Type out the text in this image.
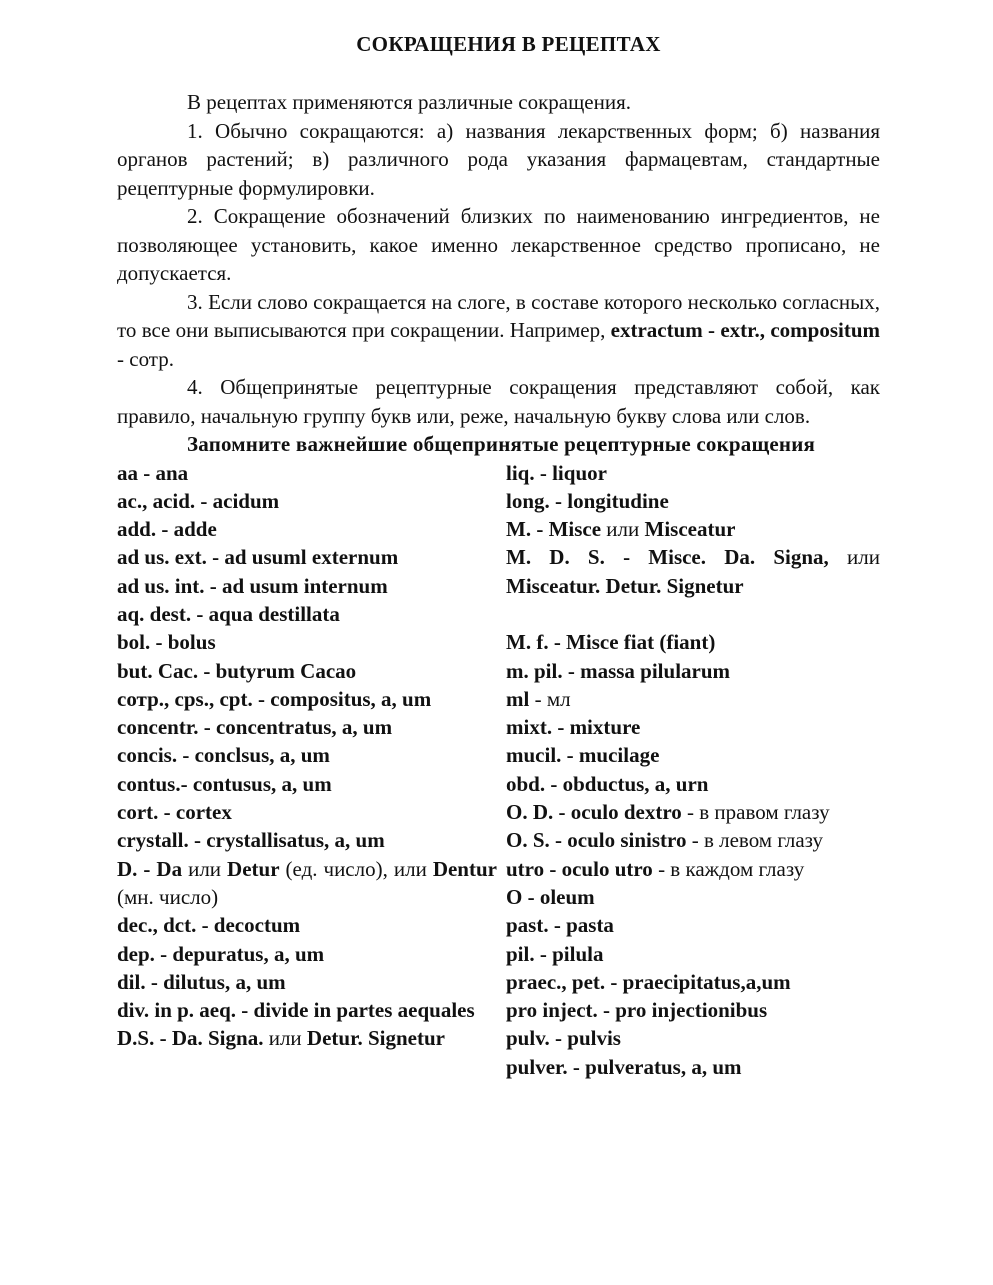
СОКРАЩЕНИЯ В РЕЦЕПТАХ

В рецептах применяются различные сокращения.

1. Обычно сокращаются: а) названия лекарственных форм; б) названия органов растений; в) различного рода указания фармацевтам, стандартные рецептурные формулировки.

2. Сокращение обозначений близких по наименованию ингредиентов, не позволяющее установить, какое именно лекарственное средство прописано, не допускается.

3. Если слово сокращается на слоге, в составе которого несколько согласных, то все они выписываются при сокращении. Например, extractum - extr., compositum - сотр.

4. Общепринятые рецептурные сокращения представляют собой, как правило, начальную группу букв или, реже, начальную букву слова или слов.

Запомните важнейшие общепринятые рецептурные сокращения

aa - ana

ac., acid. - acidum

add. - adde

ad us. ext. - ad usuml externum

ad us. int. - ad usum internum

aq. dest. - aqua destillata

bol. - bolus

but. Cac. - butyrum Cacao

сотр., cps., cpt. - compositus, a, um

concentr. - concentratus, a, um

concis. - conclsus, a, um

contus.- contusus, a, um

cort. - cortex

crystall. - crystallisatus, a, um

D. - Da или Detur (ед. число), или Dentur (мн. число)

dec., dct. - decoctum

dep. - depuratus, a, um

dil. - dilutus, a, um

div. in p. aeq. - divide in partes aequales

D.S. - Da. Signa. или Detur. Signetur

liq. - liquor

long. - longitudine

M. - Misce или Misceatur

M. D. S. - Misce. Da. Signa, или Misceatur. Detur. Signetur

M. f. - Misce fiat (fiant)

m. pil. - massa pilularum

ml - мл

mixt. - mixture

mucil. - mucilage

obd. - obductus, a, urn

O. D. - oculo dextro - в правом глазу

O. S. - oculo sinistro - в левом глазу

utro - oculo utro - в каждом глазу

O - oleum

past. - pasta

pil. - pilula

praec., pet. - praecipitatus,a,um

pro inject. - pro injectionibus

pulv. - pulvis

pulver. - pulveratus, a, um
